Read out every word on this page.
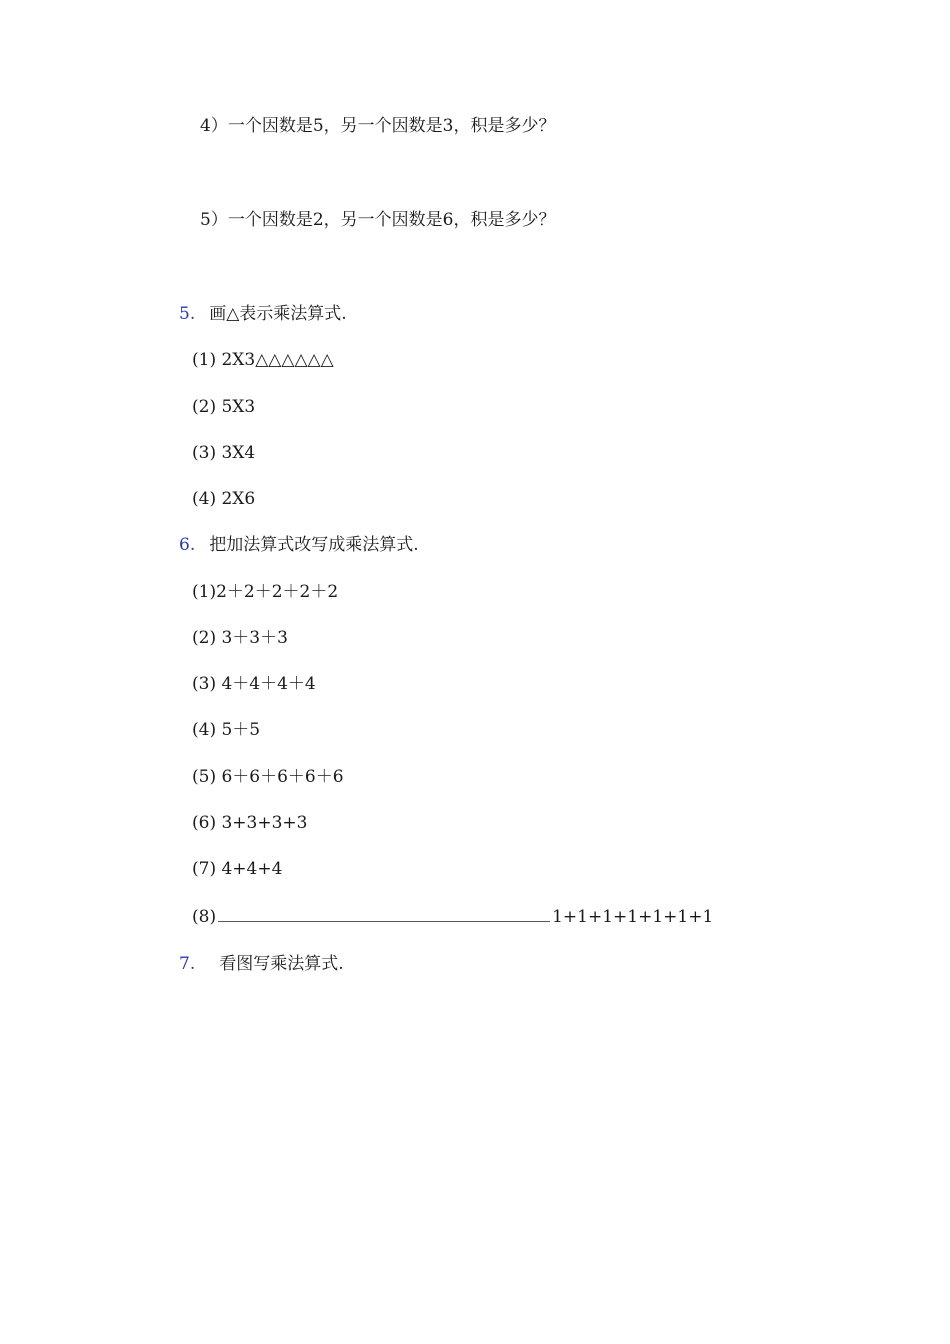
4）一个因数是5，另一个因数是3，积是多少？
5）一个因数是2，另一个因数是6，积是多少？
5. 画△表示乘法算式.
(1) 2X3△△△△△△
(2) 5X3
(3) 3X4
(4) 2X6
6. 把加法算式改写成乘法算式.
(1)2＋2＋2＋2＋2
(2) 3＋3＋3
(3) 4＋4＋4＋4
(4) 5＋5
(5) 6＋6＋6＋6＋6
(6) 3+3+3+3
(7) 4+4+4
(8)	1+1+1+1+1+1+1
7. 看图写乘法算式.
